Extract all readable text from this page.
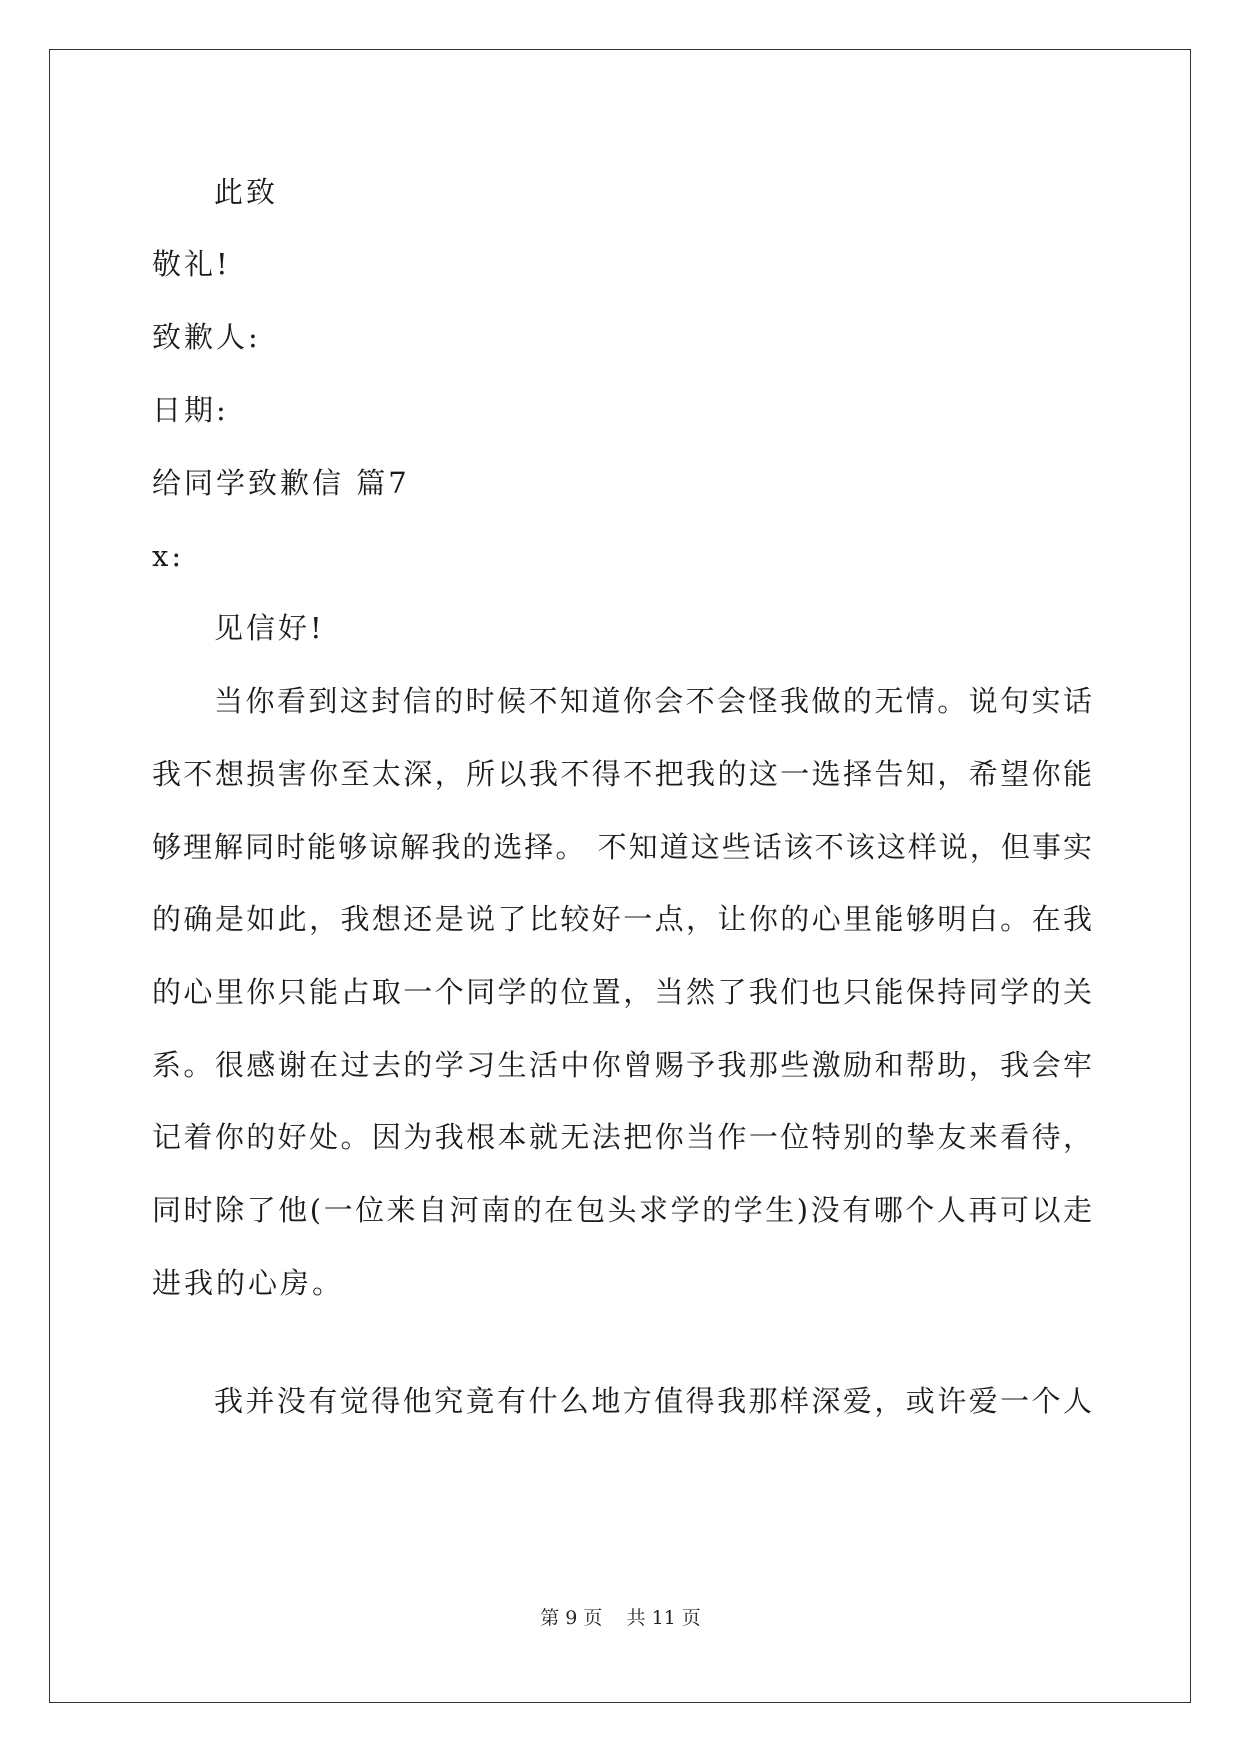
此致
敬礼!
致歉人:
日期:
给同学致歉信 篇7
x:
见信好!
当你看到这封信的时候不知道你会不会怪我做的无情。说句实话
我不想损害你至太深，所以我不得不把我的这一选择告知，希望你能
够理解同时能够谅解我的选择。 不知道这些话该不该这样说，但事实
的确是如此，我想还是说了比较好一点，让你的心里能够明白。在我
的心里你只能占取一个同学的位置，当然了我们也只能保持同学的关
系。很感谢在过去的学习生活中你曾赐予我那些激励和帮助，我会牢
记着你的好处。因为我根本就无法把你当作一位特别的挚友来看待，
同时除了他(一位来自河南的在包头求学的学生)没有哪个人再可以走
进我的心房。
我并没有觉得他究竟有什么地方值得我那样深爱，或许爱一个人
第 9 页    共 11 页
